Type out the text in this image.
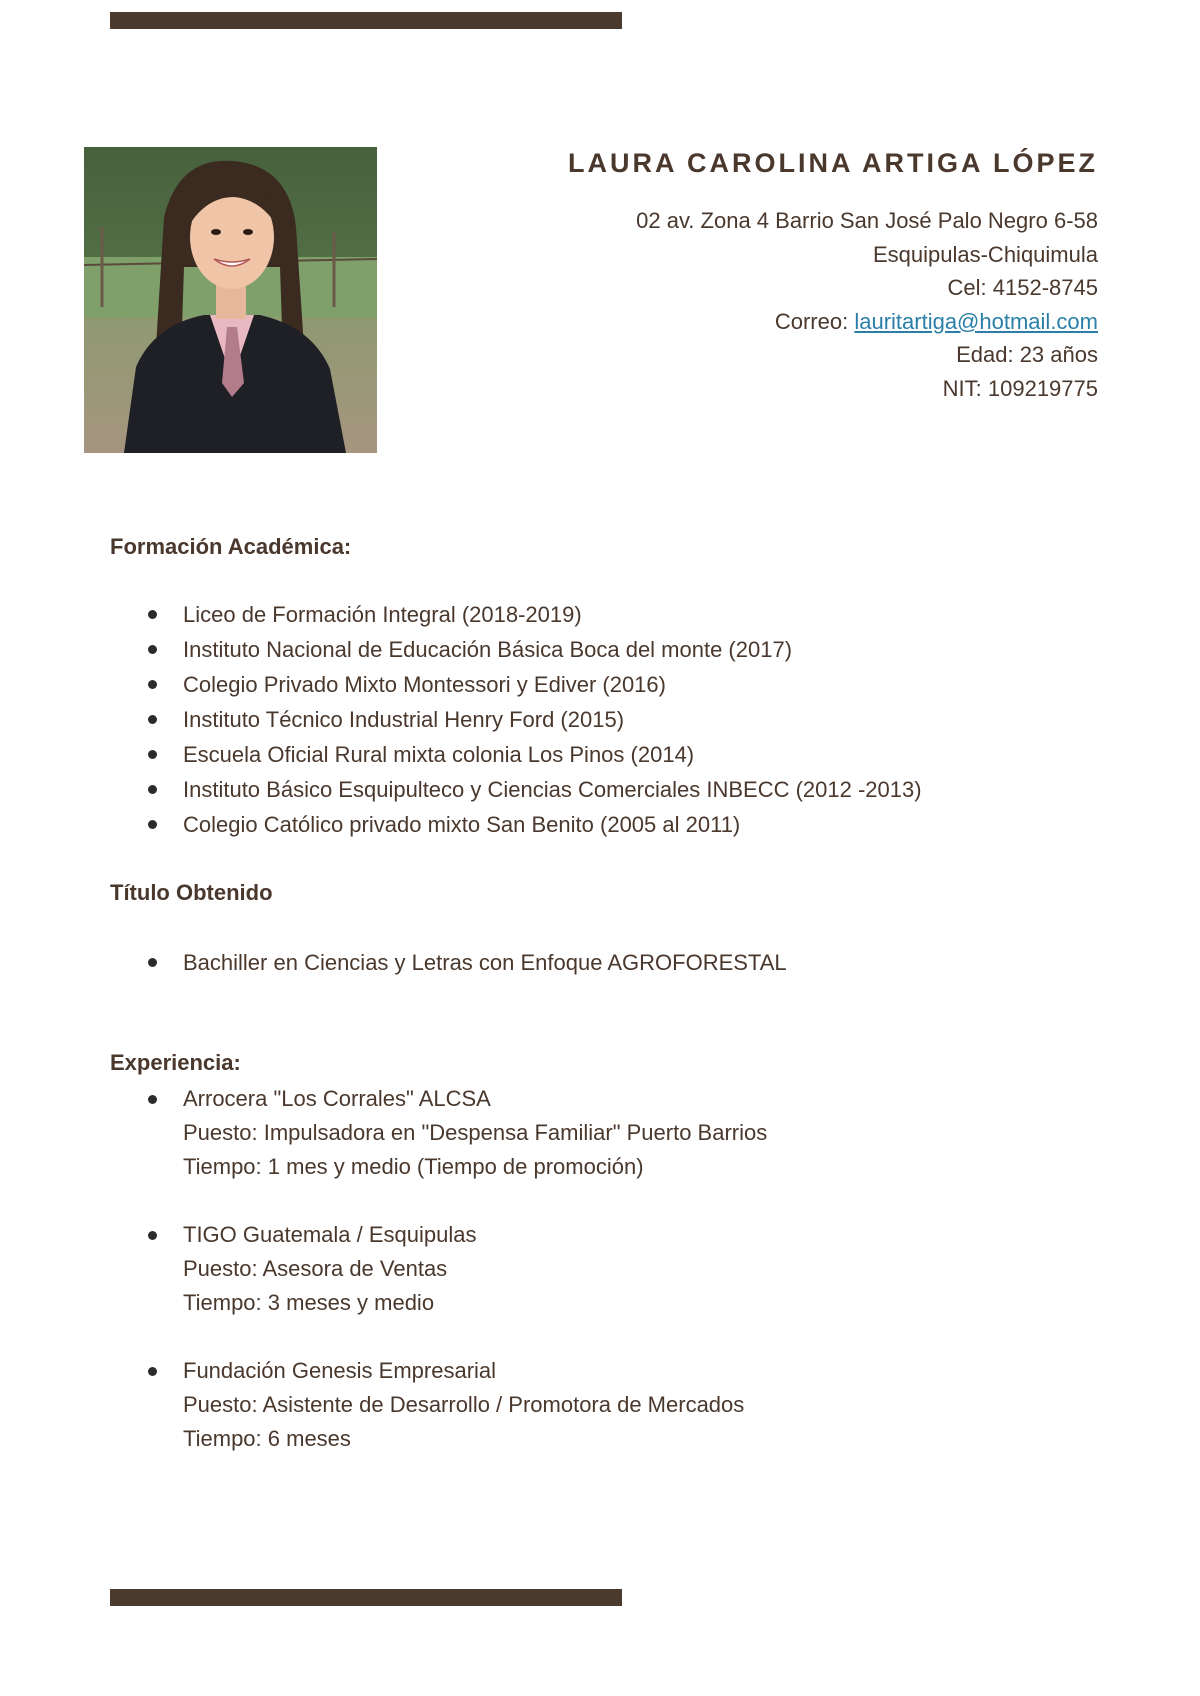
LAURA CAROLINA ARTIGA LÓPEZ
02 av. Zona 4 Barrio San José Palo Negro 6-58
Esquipulas-Chiquimula
Cel: 4152-8745
Correo: lauritartiga@hotmail.com
Edad: 23 años
NIT: 109219775
Formación Académica:
Liceo de Formación Integral (2018-2019)
Instituto Nacional de Educación Básica Boca del monte (2017)
Colegio Privado Mixto Montessori y Ediver (2016)
Instituto Técnico Industrial Henry Ford (2015)
Escuela Oficial Rural mixta colonia Los Pinos (2014)
Instituto Básico Esquipulteco y Ciencias Comerciales INBECC (2012 -2013)
Colegio Católico privado mixto San Benito (2005 al 2011)
Título Obtenido
Bachiller en Ciencias y Letras con Enfoque AGROFORESTAL
Experiencia:
Arrocera "Los Corrales" ALCSA
Puesto: Impulsadora en "Despensa Familiar" Puerto Barrios
Tiempo: 1 mes y medio (Tiempo de promoción)
TIGO Guatemala / Esquipulas
Puesto: Asesora de Ventas
Tiempo: 3 meses y medio
Fundación Genesis Empresarial
Puesto: Asistente de Desarrollo / Promotora de Mercados
Tiempo: 6 meses
